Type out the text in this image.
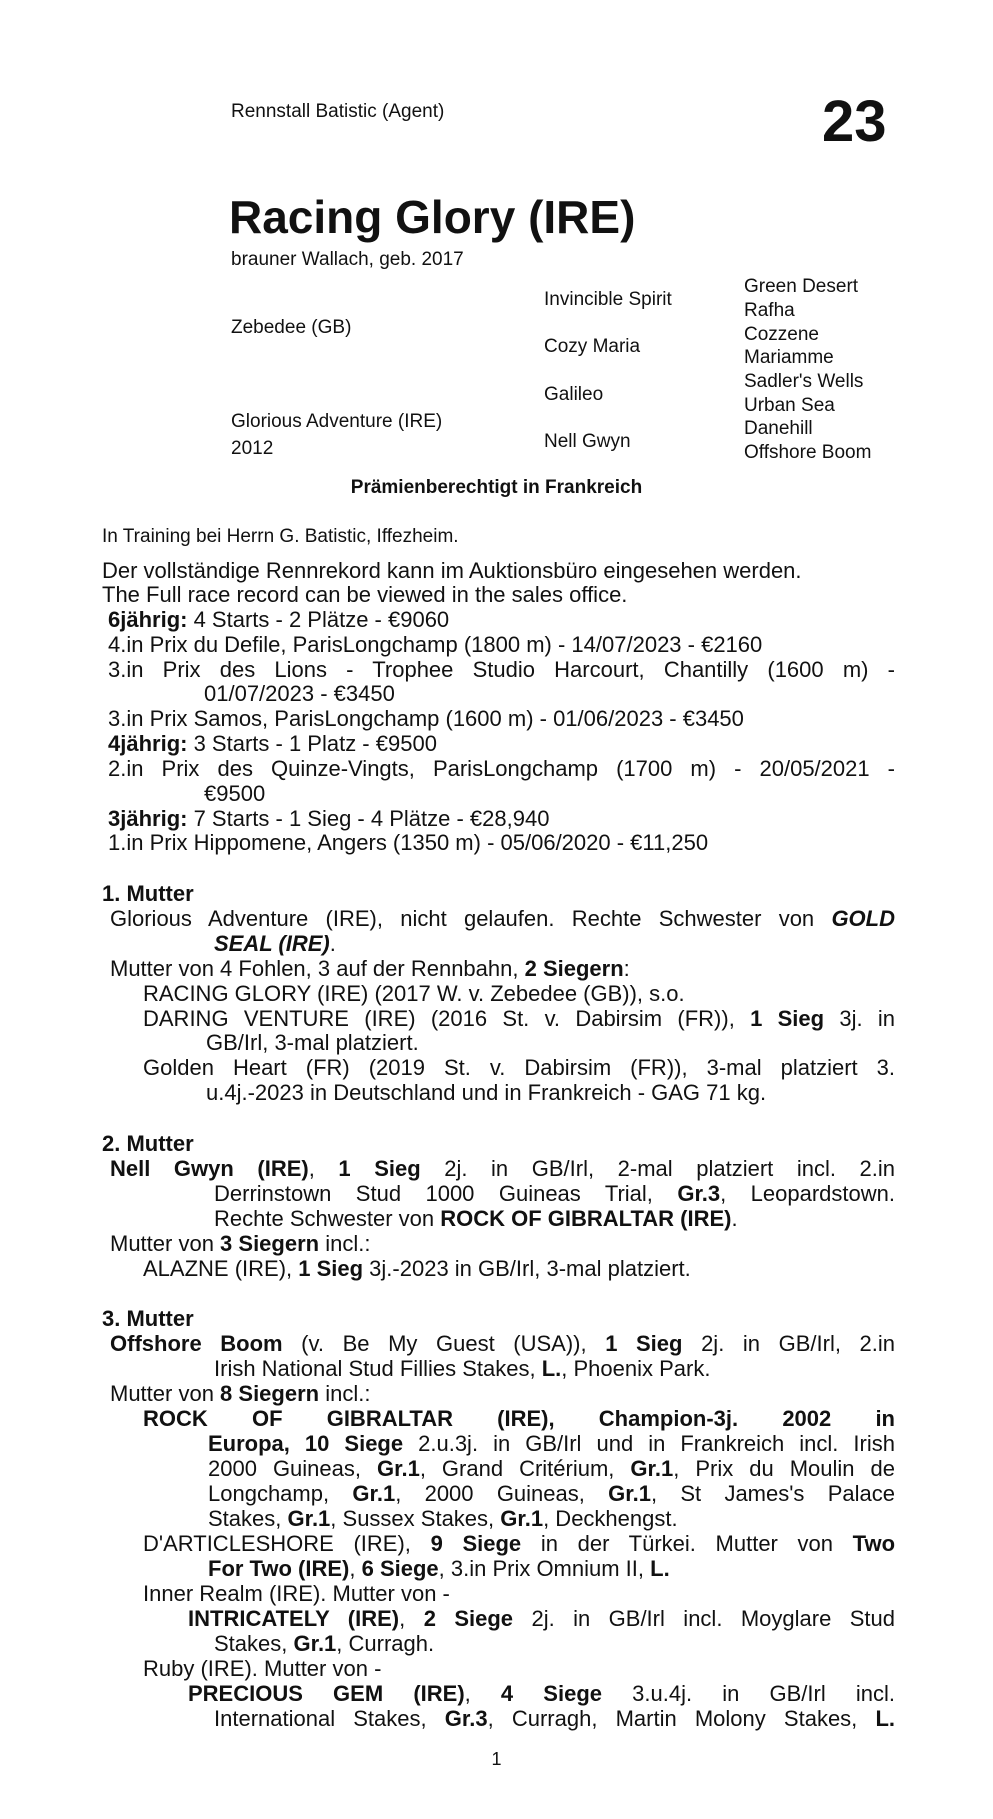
Rennstall Batistic (Agent)	23
Racing Glory (IRE)
brauner Wallach, geb. 2017
Zebedee (GB)
Glorious Adventure (IRE)
2012
Invincible Spirit
Cozy Maria
Galileo
Nell Gwyn
Green Desert
Rafha
Cozzene
Mariamme
Sadler's Wells
Urban Sea
Danehill
Offshore Boom
Prämienberechtigt in Frankreich
In Training bei Herrn G. Batistic, Iffezheim.
Der vollständige Rennrekord kann im Auktionsbüro eingesehen werden.
The Full race record can be viewed in the sales office.
6jährig: 4 Starts - 2 Plätze - €9060
4.in Prix du Defile, ParisLongchamp (1800 m) - 14/07/2023 - €2160
3.in Prix des Lions - Trophee Studio Harcourt, Chantilly (1600 m) -
01/07/2023 - €3450
3.in Prix Samos, ParisLongchamp (1600 m) - 01/06/2023 - €3450
4jährig: 3 Starts - 1 Platz - €9500
2.in Prix des Quinze-Vingts, ParisLongchamp (1700 m) - 20/05/2021 -
€9500
3jährig: 7 Starts - 1 Sieg - 4 Plätze - €28,940
1.in Prix Hippomene, Angers (1350 m) - 05/06/2020 - €11,250
1. Mutter
Glorious Adventure (IRE), nicht gelaufen. Rechte Schwester von GOLD
SEAL (IRE).
Mutter von 4 Fohlen, 3 auf der Rennbahn, 2 Siegern:
RACING GLORY (IRE) (2017 W. v. Zebedee (GB)), s.o.
DARING VENTURE (IRE) (2016 St. v. Dabirsim (FR)), 1 Sieg 3j. in
GB/Irl, 3-mal platziert.
Golden Heart (FR) (2019 St. v. Dabirsim (FR)), 3-mal platziert 3.
u.4j.-2023 in Deutschland und in Frankreich - GAG 71 kg.
2. Mutter
Nell Gwyn (IRE), 1 Sieg 2j. in GB/Irl, 2-mal platziert incl. 2.in
Derrinstown Stud 1000 Guineas Trial, Gr.3, Leopardstown.
Rechte Schwester von ROCK OF GIBRALTAR (IRE).
Mutter von 3 Siegern incl.:
ALAZNE (IRE), 1 Sieg 3j.-2023 in GB/Irl, 3-mal platziert.
3. Mutter
Offshore Boom (v. Be My Guest (USA)), 1 Sieg 2j. in GB/Irl, 2.in
Irish National Stud Fillies Stakes, L., Phoenix Park.
Mutter von 8 Siegern incl.:
ROCK OF GIBRALTAR (IRE), Champion-3j. 2002 in
Europa, 10 Siege 2.u.3j. in GB/Irl und in Frankreich incl. Irish
2000 Guineas, Gr.1, Grand Critérium, Gr.1, Prix du Moulin de
Longchamp, Gr.1, 2000 Guineas, Gr.1, St James's Palace
Stakes, Gr.1, Sussex Stakes, Gr.1, Deckhengst.
D'ARTICLESHORE (IRE), 9 Siege in der Türkei. Mutter von Two
For Two (IRE), 6 Siege, 3.in Prix Omnium II, L.
Inner Realm (IRE). Mutter von -
INTRICATELY (IRE), 2 Siege 2j. in GB/Irl incl. Moyglare Stud
Stakes, Gr.1, Curragh.
Ruby (IRE). Mutter von -
PRECIOUS GEM (IRE), 4 Siege 3.u.4j. in GB/Irl incl.
International Stakes, Gr.3, Curragh, Martin Molony Stakes, L.
1
